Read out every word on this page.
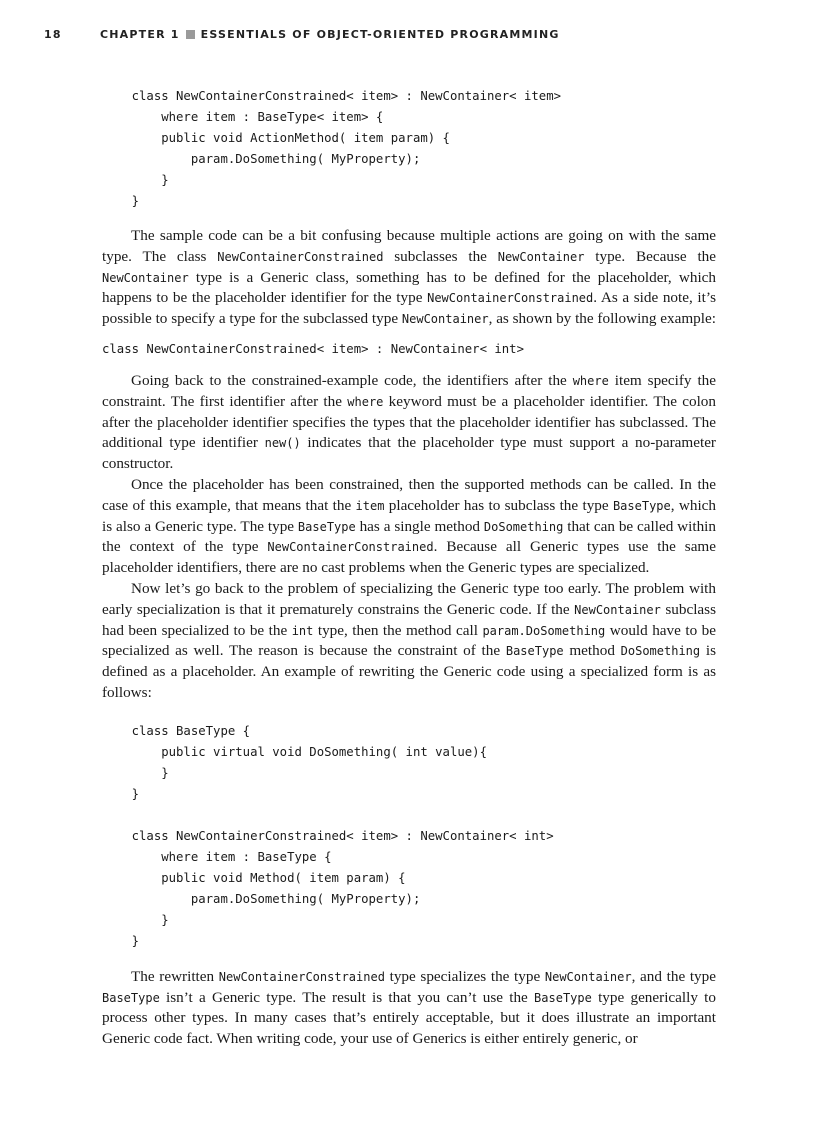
18	CHAPTER 1 ESSENTIALS OF OBJECT-ORIENTED PROGRAMMING
class NewContainerConstrained< item> : NewContainer< item>
where item : BaseType< item> {
public void ActionMethod( item param) {
param.DoSomething( MyProperty);
}
}

The sample code can be a bit confusing because multiple actions are going on with the same type. The class NewContainerConstrained subclasses the NewContainer type. Because the NewContainer type is a Generic class, something has to be defined for the placeholder, which happens to be the placeholder identifier for the type NewContainerConstrained. As a side note, it’s possible to specify a type for the subclassed type NewContainer, as shown by the following example:

class NewContainerConstrained< item> : NewContainer< int>

Going back to the constrained-example code, the identifiers after the where item specify the constraint. The first identifier after the where keyword must be a placeholder identifier. The colon after the placeholder identifier specifies the types that the placeholder identifier has subclassed. The additional type identifier new() indicates that the placeholder type must support a no-parameter constructor.

Once the placeholder has been constrained, then the supported methods can be called. In the case of this example, that means that the item placeholder has to subclass the type BaseType, which is also a Generic type. The type BaseType has a single method DoSomething that can be called within the context of the type NewContainerConstrained. Because all Generic types use the same placeholder identifiers, there are no cast problems when the Generic types are specialized.

Now let’s go back to the problem of specializing the Generic type too early. The problem with early specialization is that it prematurely constrains the Generic code. If the NewContainer subclass had been specialized to be the int type, then the method call param.DoSomething would have to be specialized as well. The reason is because the constraint of the BaseType method DoSomething is defined as a placeholder. An example of rewriting the Generic code using a specialized form is as follows:

class BaseType {
public virtual void DoSomething( int value){
}
}

class NewContainerConstrained< item> : NewContainer< int>
where item : BaseType {
public void Method( item param) {
param.DoSomething( MyProperty);
}
}

The rewritten NewContainerConstrained type specializes the type NewContainer, and the type BaseType isn’t a Generic type. The result is that you can’t use the BaseType type generically to process other types. In many cases that’s entirely acceptable, but it does illustrate an important Generic code fact. When writing code, your use of Generics is either entirely generic, or
